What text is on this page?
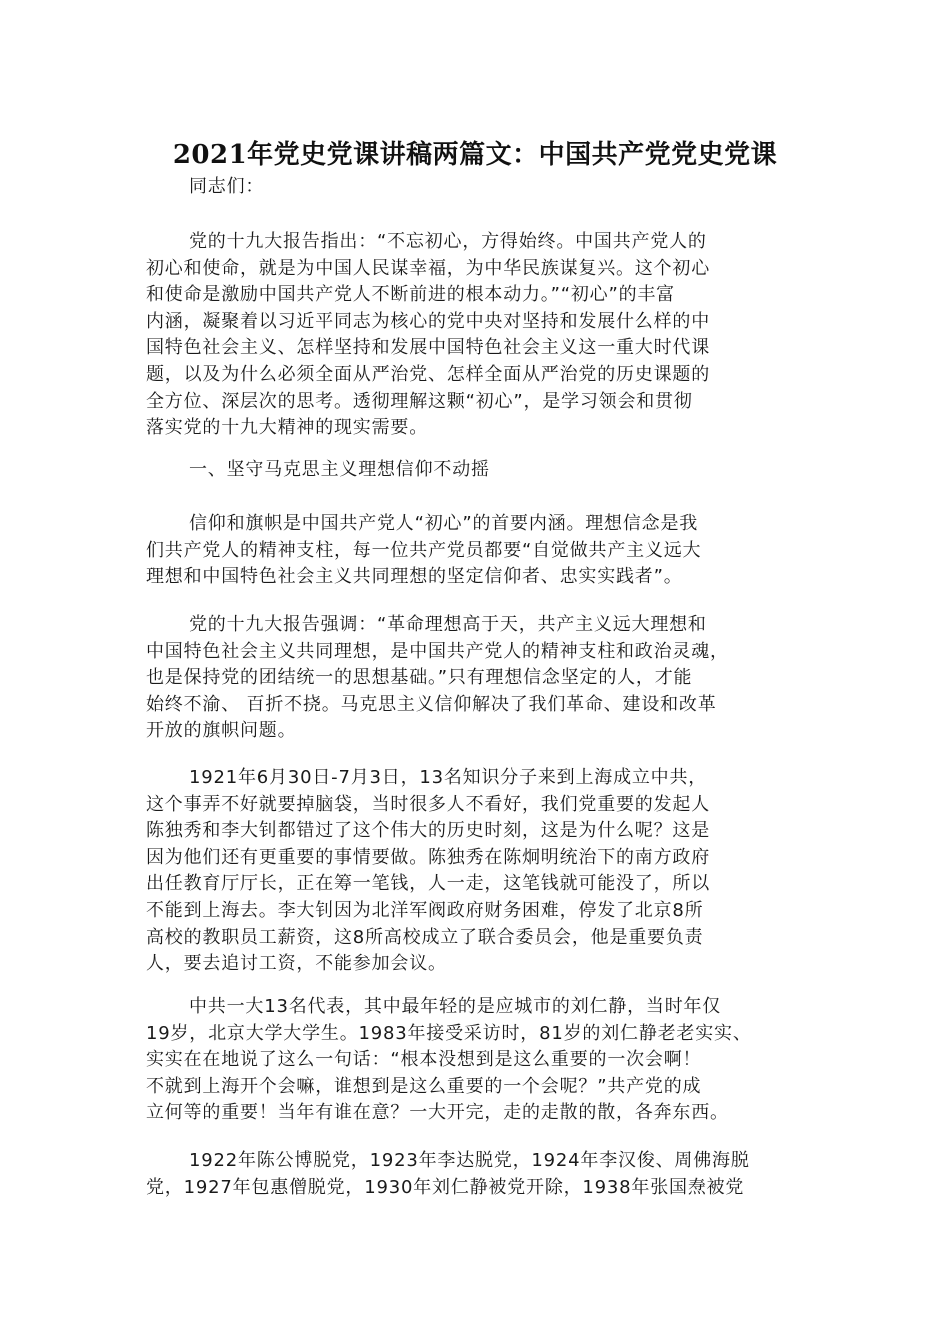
2021年党史党课讲稿两篇文：中国共产党党史党课
同志们：
党的十九大报告指出：“不忘初心，方得始终。中国共产党人的
初心和使命，就是为中国人民谋幸福，为中华民族谋复兴。这个初心
和使命是激励中国共产党人不断前进的根本动力。”“初心”的丰富
内涵，凝聚着以习近平同志为核心的党中央对坚持和发展什么样的中
国特色社会主义、怎样坚持和发展中国特色社会主义这一重大时代课
题，以及为什么必须全面从严治党、怎样全面从严治党的历史课题的
全方位、深层次的思考。透彻理解这颗“初心”，是学习领会和贯彻
落实党的十九大精神的现实需要。
一、坚守马克思主义理想信仰不动摇
信仰和旗帜是中国共产党人“初心”的首要内涵。理想信念是我
们共产党人的精神支柱，每一位共产党员都要“自觉做共产主义远大
理想和中国特色社会主义共同理想的坚定信仰者、忠实实践者”。
党的十九大报告强调：“革命理想高于天，共产主义远大理想和
中国特色社会主义共同理想，是中国共产党人的精神支柱和政治灵魂，
也是保持党的团结统一的思想基础。”只有理想信念坚定的人，才能
始终不渝、 百折不挠。马克思主义信仰解决了我们革命、建设和改革
开放的旗帜问题。
1921年6月30日-7月3日，13名知识分子来到上海成立中共，
这个事弄不好就要掉脑袋，当时很多人不看好，我们党重要的发起人
陈独秀和李大钊都错过了这个伟大的历史时刻，这是为什么呢？这是
因为他们还有更重要的事情要做。陈独秀在陈炯明统治下的南方政府
出任教育厅厅长，正在筹一笔钱，人一走，这笔钱就可能没了，所以
不能到上海去。李大钊因为北洋军阀政府财务困难，停发了北京8所
高校的教职员工薪资，这8所高校成立了联合委员会，他是重要负责
人，要去追讨工资，不能参加会议。
中共一大13名代表，其中最年轻的是应城市的刘仁静，当时年仅
19岁，北京大学大学生。1983年接受采访时，81岁的刘仁静老老实实、
实实在在地说了这么一句话：“根本没想到是这么重要的一次会啊！
不就到上海开个会嘛，谁想到是这么重要的一个会呢？”共产党的成
立何等的重要！当年有谁在意？一大开完，走的走散的散，各奔东西。
1922年陈公博脱党，1923年李达脱党，1924年李汉俊、周佛海脱
党，1927年包惠僧脱党，1930年刘仁静被党开除，1938年张国焘被党
